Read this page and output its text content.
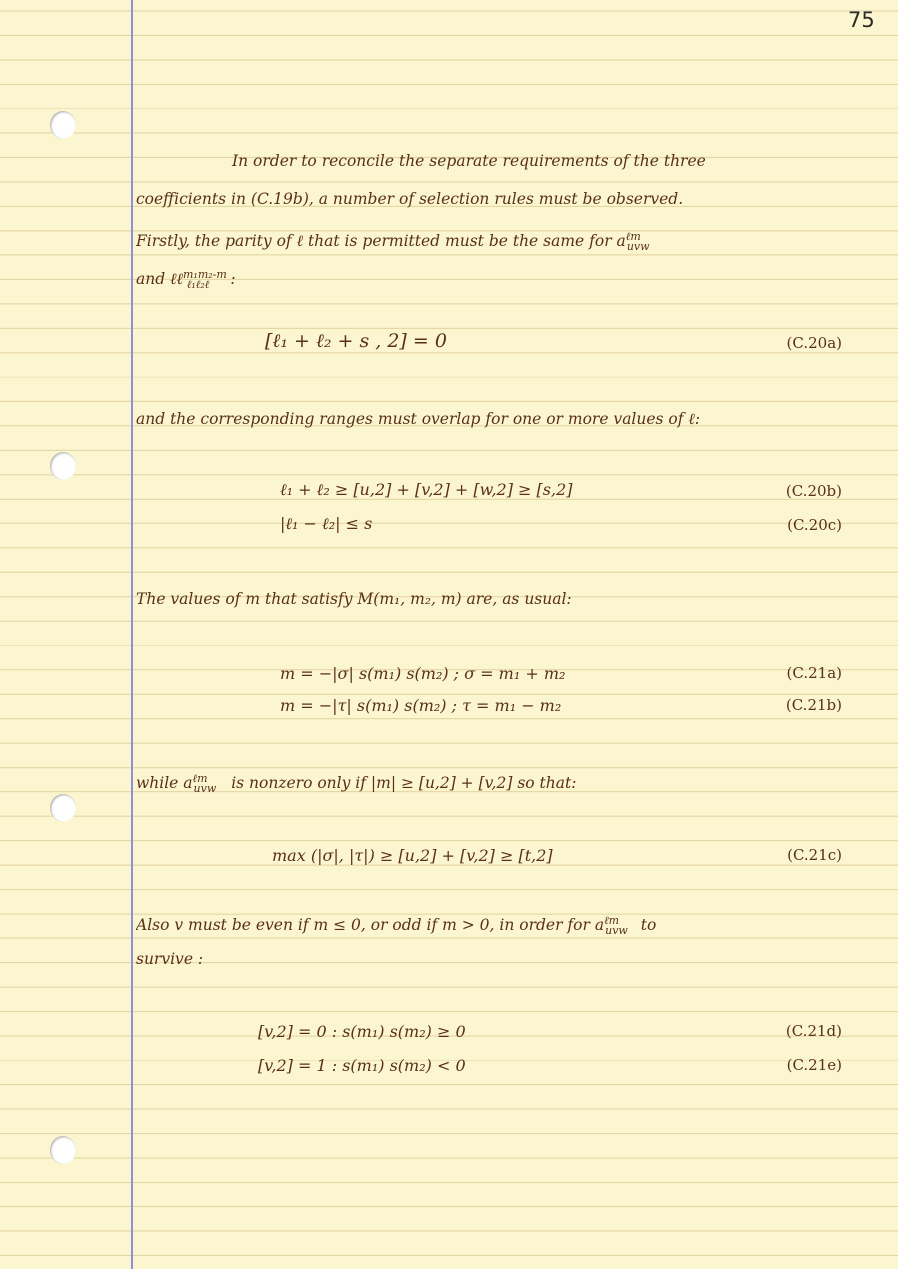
75

In order to reconcile the separate requirements of the three

coefficients in (C.19b), a number of selection rules must be observed.

Firstly, the parity of ℓ that is permitted must be the same for $a^{\ell m}_{uvw}$

and ℓℓ$^{m_1m_2-m}_{\ell_1\ell_2\ell}$ :

[ℓ₁ + ℓ₂ + s , 2] = 0	(C.20a)

and the corresponding ranges must overlap for one or more values of ℓ:

ℓ₁ + ℓ₂ ≥ [u,2] + [v,2] + [w,2] ≥ [s,2]	(C.20b)

|ℓ₁ − ℓ₂| ≤ s	(C.20c)

The values of m that satisfy M(m₁, m₂, m) are, as usual:

m = −|σ| s(m₁) s(m₂) ; σ = m₁ + m₂	(C.21a)

m = −|τ| s(m₁) s(m₂) ; τ = m₁ − m₂	(C.21b)

while $a^{\ell m}_{uvw}$ is nonzero only if |m| ≥ [u,2] + [v,2] so that:

max (|σ|, |τ|) ≥ [u,2] + [v,2] ≥ [t,2]	(C.21c)

Also v must be even if m ≤ 0, or odd if m > 0, in order for $a^{\ell m}_{uvw}$ to

survive :

[v,2] = 0 : s(m₁) s(m₂) ≥ 0	(C.21d)

[v,2] = 1 : s(m₁) s(m₂) < 0	(C.21e)
